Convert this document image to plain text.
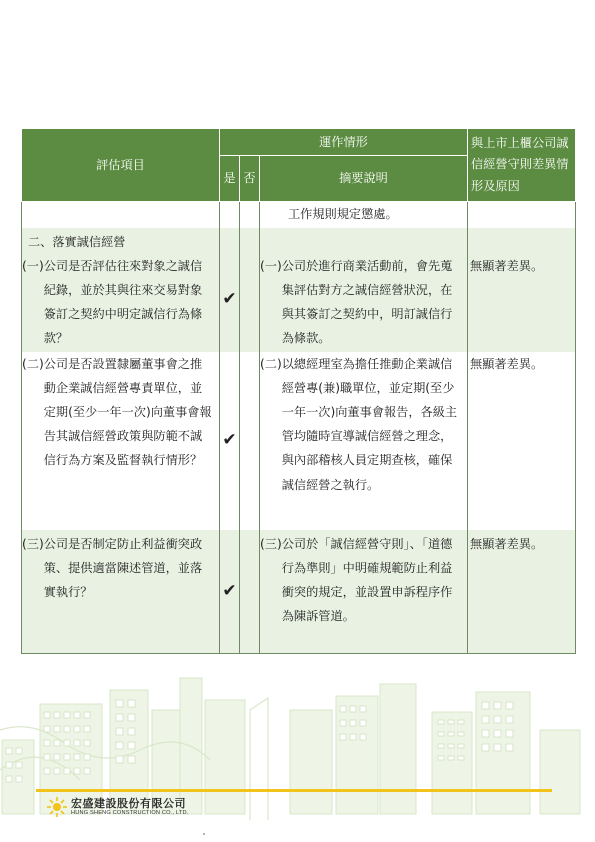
評估項目	運作情形			與上市上櫃公司誠信經營守則差異情形及原因
	是	否	摘要說明	
			工作規則規定懲處。	

二、落實誠信經營
(一) 公司是否評估往來對象之誠信紀錄，並於其與往來交易對象簽訂之契約中明定誠信行為條款？	✔		(一) 公司於進行商業活動前，會先蒐集評估對方之誠信經營狀況，在與其簽訂之契約中，明訂誠信行為條款。	無顯著差異。

(二) 公司是否設置隸屬董事會之推動企業誠信經營專責單位，並定期(至少一年一次)向董事會報告其誠信經營政策與防範不誠信行為方案及監督執行情形？	✔		(二) 以總經理室為擔任推動企業誠信經營專(兼)職單位，並定期(至少一年一次)向董事會報告，各級主管均隨時宣導誠信經營之理念，與內部稽核人員定期查核，確保誠信經營之執行。	無顯著差異。

(三) 公司是否制定防止利益衝突政策、提供適當陳述管道，並落實執行？	✔		(三) 公司於「誠信經營守則」、「道德行為準則」中明確規範防止利益衝突的規定，並設置申訴程序作為陳訴管道。	無顯著差異。
宏盛建設股份有限公司
HUNG SHENG CONSTRUCTION CO., LTD.
